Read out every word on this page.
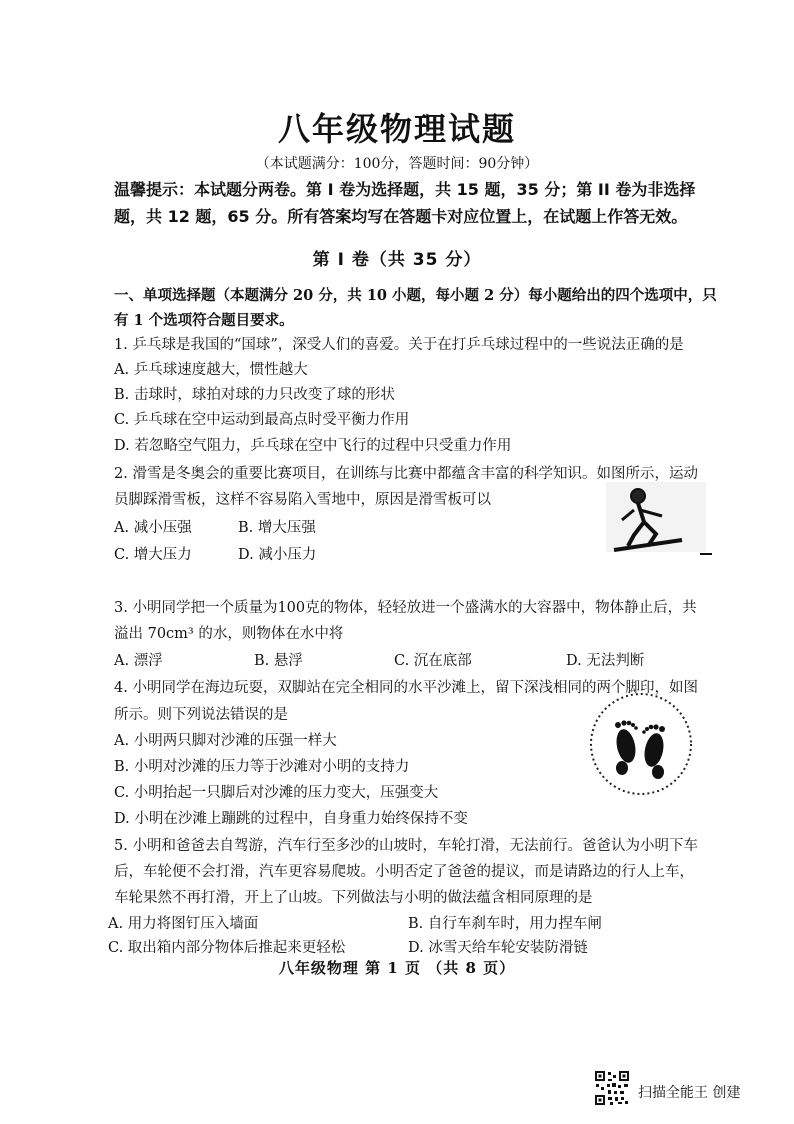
八年级物理试题
（本试题满分：100分，答题时间：90分钟）
温馨提示：本试题分两卷。第 I 卷为选择题，共 15 题，35 分；第 II 卷为非选择
题，共 12 题，65 分。所有答案均写在答题卡对应位置上，在试题上作答无效。
第 I 卷（共 35 分）
一、单项选择题（本题满分 20 分，共 10 小题，每小题 2 分）每小题给出的四个选项中，只
有 1 个选项符合题目要求。
1. 乒乓球是我国的“国球”，深受人们的喜爱。关于在打乒乓球过程中的一些说法正确的是
A. 乒乓球速度越大，惯性越大
B. 击球时，球拍对球的力只改变了球的形状
C. 乒乓球在空中运动到最高点时受平衡力作用
D. 若忽略空气阻力，乒乓球在空中飞行的过程中只受重力作用
2. 滑雪是冬奥会的重要比赛项目，在训练与比赛中都蕴含丰富的科学知识。如图所示，运动
员脚踩滑雪板，这样不容易陷入雪地中，原因是滑雪板可以
A. 减小压强	B. 增大压强
C. 增大压力	D. 减小压力
3. 小明同学把一个质量为100克的物体，轻轻放进一个盛满水的大容器中，物体静止后，共
溢出 70cm³ 的水，则物体在水中将
A. 漂浮	B. 悬浮	C. 沉在底部	D. 无法判断
4. 小明同学在海边玩耍，双脚站在完全相同的水平沙滩上，留下深浅相同的两个脚印，如图
所示。则下列说法错误的是
A. 小明两只脚对沙滩的压强一样大
B. 小明对沙滩的压力等于沙滩对小明的支持力
C. 小明抬起一只脚后对沙滩的压力变大，压强变大
D. 小明在沙滩上蹦跳的过程中，自身重力始终保持不变
5. 小明和爸爸去自驾游，汽车行至多沙的山坡时，车轮打滑，无法前行。爸爸认为小明下车
后，车轮便不会打滑，汽车更容易爬坡。小明否定了爸爸的提议，而是请路边的行人上车，
车轮果然不再打滑，开上了山坡。下列做法与小明的做法蕴含相同原理的是
A. 用力将图钉压入墙面	B. 自行车刹车时，用力捏车闸
C. 取出箱内部分物体后推起来更轻松	D. 冰雪天给车轮安装防滑链
八年级物理 第 1 页 （共 8 页）
扫描全能王 创建
